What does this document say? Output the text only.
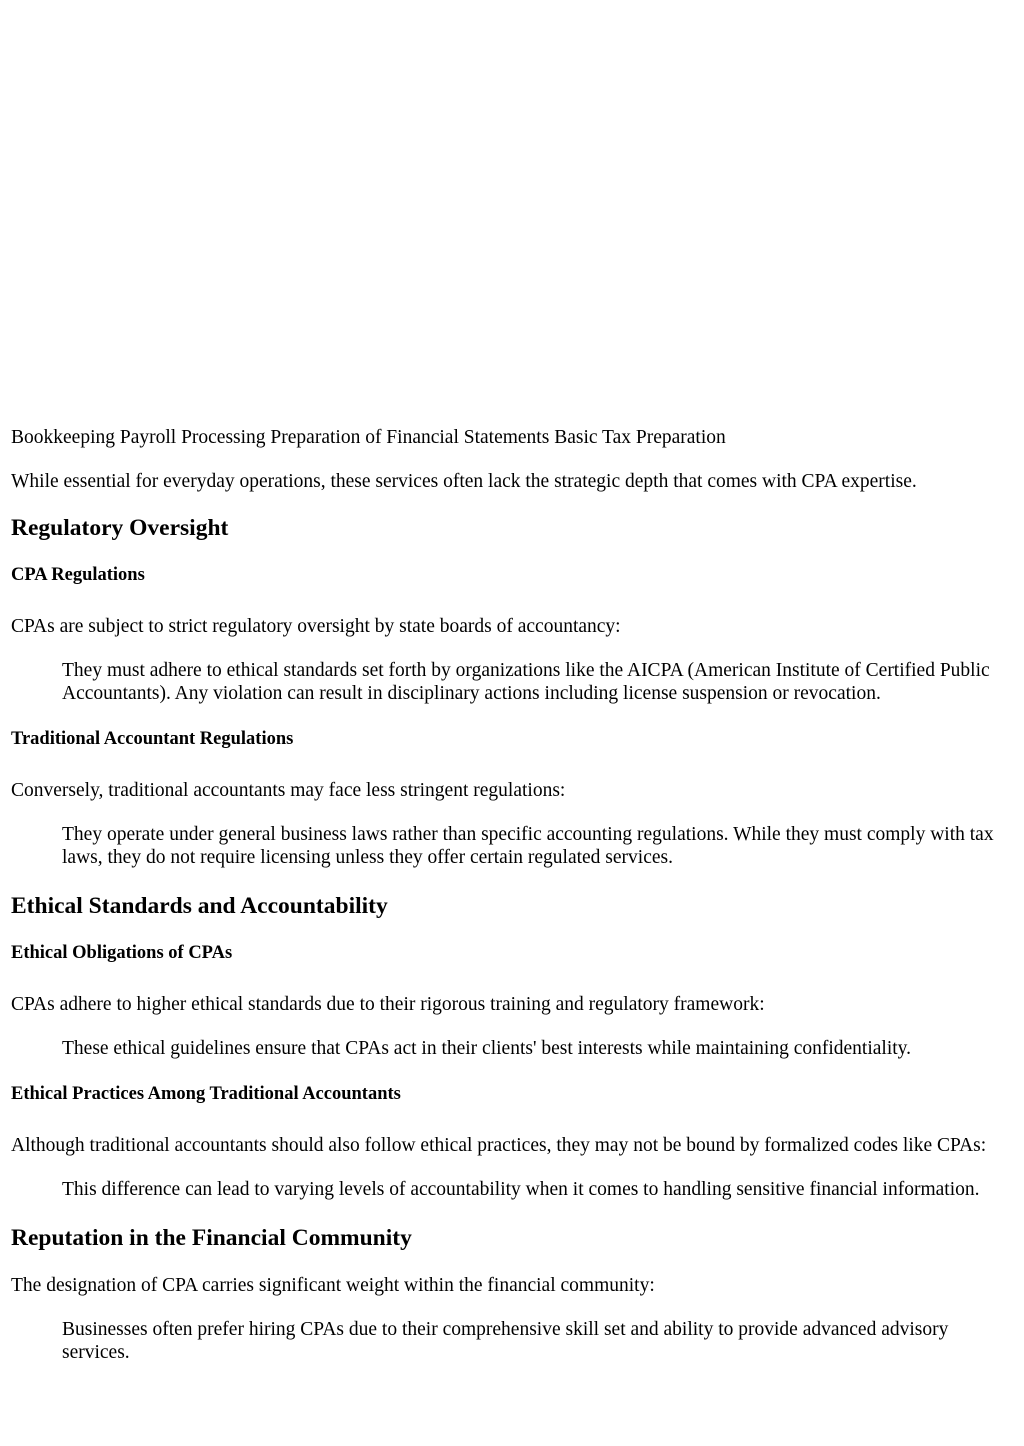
Bookkeeping Payroll Processing Preparation of Financial Statements Basic Tax Preparation

While essential for everyday operations, these services often lack the strategic depth that comes with CPA expertise.

Regulatory Oversight
CPA Regulations

CPAs are subject to strict regulatory oversight by state boards of accountancy:

They must adhere to ethical standards set forth by organizations like the AICPA (American Institute of Certified Public Accountants). Any violation can result in disciplinary actions including license suspension or revocation.
Traditional Accountant Regulations

Conversely, traditional accountants may face less stringent regulations:

They operate under general business laws rather than specific accounting regulations. While they must comply with tax laws, they do not require licensing unless they offer certain regulated services.
Ethical Standards and Accountability
Ethical Obligations of CPAs

CPAs adhere to higher ethical standards due to their rigorous training and regulatory framework:

These ethical guidelines ensure that CPAs act in their clients' best interests while maintaining confidentiality.
Ethical Practices Among Traditional Accountants

Although traditional accountants should also follow ethical practices, they may not be bound by formalized codes like CPAs:

This difference can lead to varying levels of accountability when it comes to handling sensitive financial information.
Reputation in the Financial Community

The designation of CPA carries significant weight within the financial community:

Businesses often prefer hiring CPAs due to their comprehensive skill set and ability to provide advanced advisory services.
